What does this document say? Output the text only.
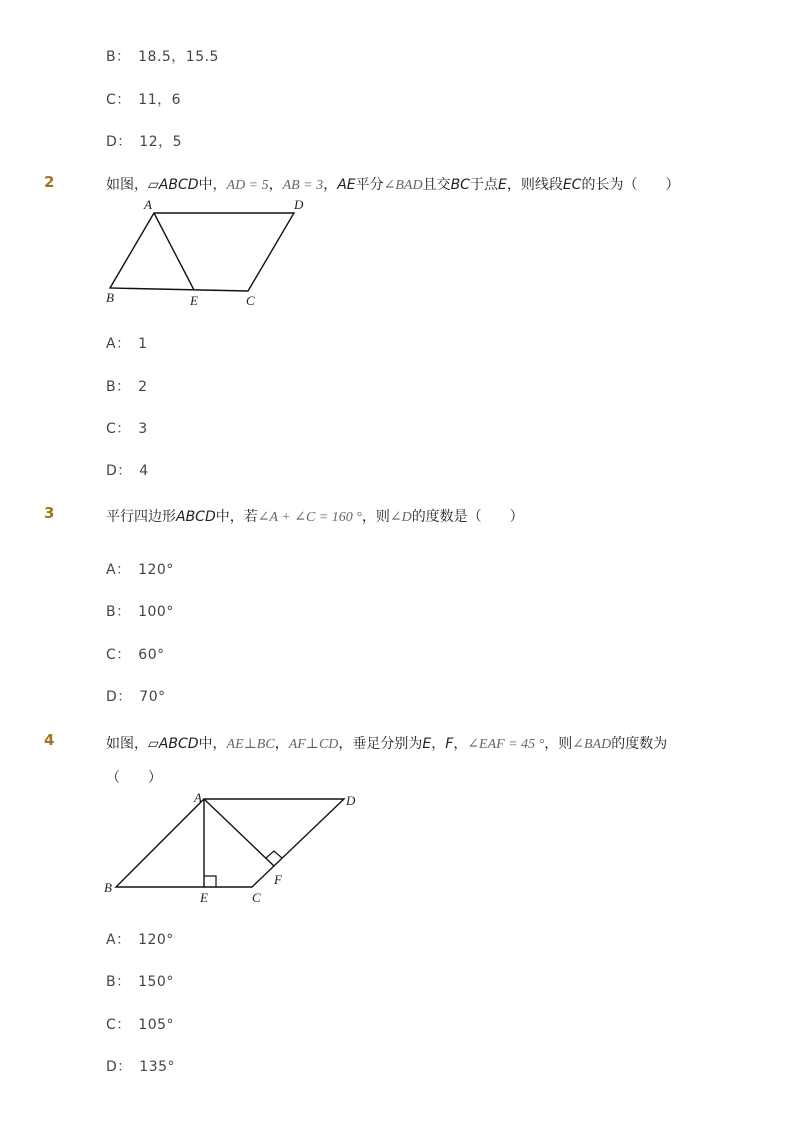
B： 18.5，15.5
C： 11，6
D： 12，5
2	如图，▱ABCD中，AD = 5，AB = 3，AE平分∠BAD且交BC于点E，则线段EC的长为（　　）
A	D
B	E	C
A： 1
B： 2
C： 3
D： 4
3	平行四边形ABCD中，若∠A + ∠C = 160 °，则∠D的度数是（　　）
A： 120°
B： 100°
C： 60°
D： 70°
4	如图，▱ABCD中，AE⊥BC，AF⊥CD，垂足分别为E，F，∠EAF = 45 °，则∠BAD的度数为
（　　）
A	D
B
E	C
F
A： 120°
B： 150°
C： 105°
D： 135°
